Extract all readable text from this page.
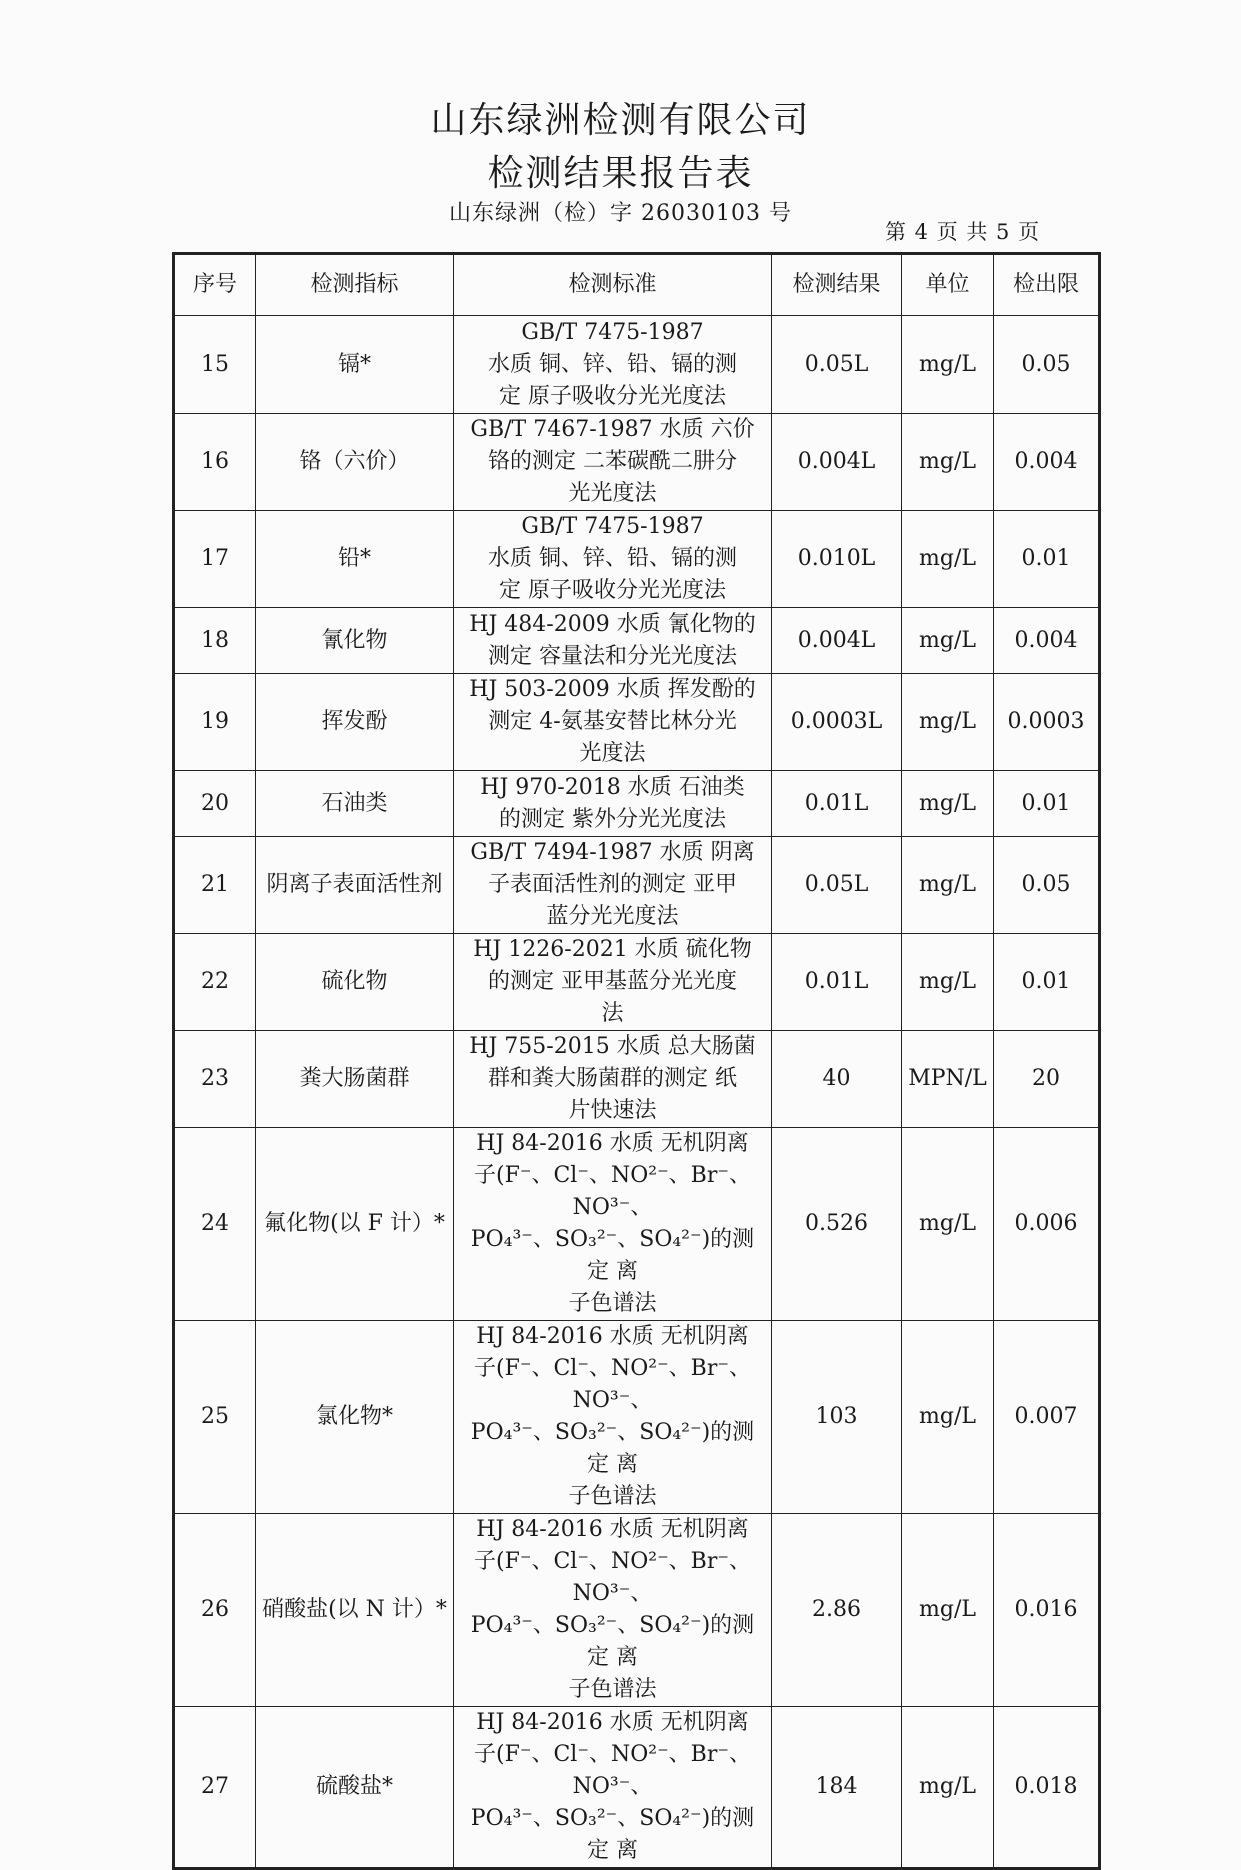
山东绿洲检测有限公司
检测结果报告表
山东绿洲（检）字 26030103 号
第 4 页 共 5 页
序号	检测指标	检测标准	检测结果	单位	检出限
15	镉*	GB/T 7475-1987
水质 铜、锌、铅、镉的测
定 原子吸收分光光度法	0.05L	mg/L	0.05
16	铬（六价）	GB/T 7467-1987 水质 六价
铬的测定 二苯碳酰二肼分
光光度法	0.004L	mg/L	0.004
17	铅*	GB/T 7475-1987
水质 铜、锌、铅、镉的测
定 原子吸收分光光度法	0.010L	mg/L	0.01
18	氰化物	HJ 484-2009 水质 氰化物的
测定 容量法和分光光度法	0.004L	mg/L	0.004
19	挥发酚	HJ 503-2009 水质 挥发酚的
测定 4-氨基安替比林分光
光度法	0.0003L	mg/L	0.0003
20	石油类	HJ 970-2018 水质 石油类
的测定 紫外分光光度法	0.01L	mg/L	0.01
21	阴离子表面活性剂	GB/T 7494-1987 水质 阴离
子表面活性剂的测定 亚甲
蓝分光光度法	0.05L	mg/L	0.05
22	硫化物	HJ 1226-2021 水质 硫化物
的测定 亚甲基蓝分光光度
法	0.01L	mg/L	0.01
23	粪大肠菌群	HJ 755-2015 水质 总大肠菌
群和粪大肠菌群的测定 纸
片快速法	40	MPN/L	20
24	氟化物(以 F 计）*	HJ 84-2016 水质 无机阴离
子(F⁻、Cl⁻、NO²⁻、Br⁻、NO³⁻、
PO₄³⁻、SO₃²⁻、SO₄²⁻)的测定 离
子色谱法	0.526	mg/L	0.006
25	氯化物*	HJ 84-2016 水质 无机阴离
子(F⁻、Cl⁻、NO²⁻、Br⁻、NO³⁻、
PO₄³⁻、SO₃²⁻、SO₄²⁻)的测定 离
子色谱法	103	mg/L	0.007
26	硝酸盐(以 N 计）*	HJ 84-2016 水质 无机阴离
子(F⁻、Cl⁻、NO²⁻、Br⁻、NO³⁻、
PO₄³⁻、SO₃²⁻、SO₄²⁻)的测定 离
子色谱法	2.86	mg/L	0.016
27	硫酸盐*	HJ 84-2016 水质 无机阴离
子(F⁻、Cl⁻、NO²⁻、Br⁻、NO³⁻、
PO₄³⁻、SO₃²⁻、SO₄²⁻)的测定 离	184	mg/L	0.018
